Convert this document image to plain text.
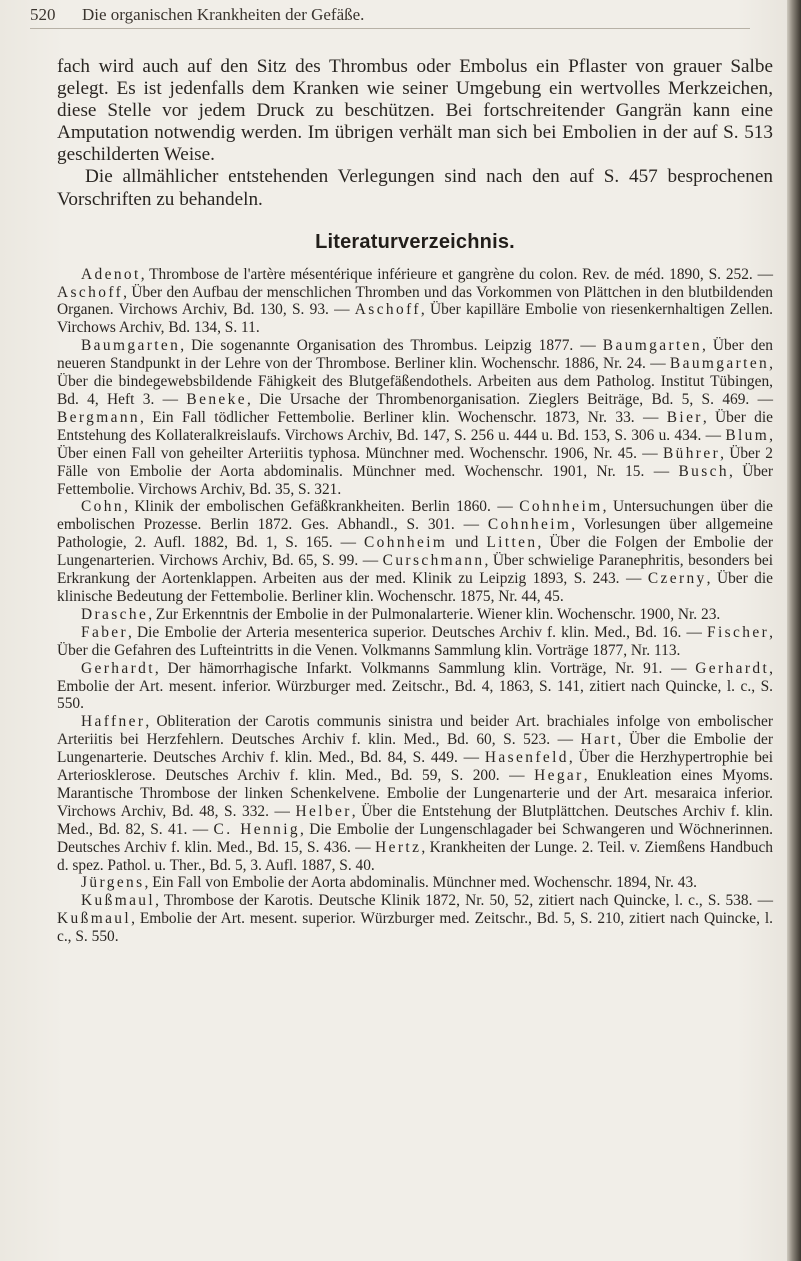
520	Die organischen Krankheiten der Gefäße.

fach wird auch auf den Sitz des Thrombus oder Embolus ein Pflaster von grauer Salbe gelegt. Es ist jedenfalls dem Kranken wie seiner Umgebung ein wertvolles Merkzeichen, diese Stelle vor jedem Druck zu beschützen. Bei fortschreitender Gangrän kann eine Amputation notwendig werden. Im übrigen verhält man sich bei Embolien in der auf S. 513 geschilderten Weise.

Die allmählicher entstehenden Verlegungen sind nach den auf S. 457 besprochenen Vorschriften zu behandeln.

Literaturverzeichnis.

Adenot, Thrombose de l'artère mésentérique inférieure et gangrène du colon. Rev. de méd. 1890, S. 252. — Aschoff, Über den Aufbau der menschlichen Thromben und das Vorkommen von Plättchen in den blutbildenden Organen. Virchows Archiv, Bd. 130, S. 93. — Aschoff, Über kapilläre Embolie von riesenkernhaltigen Zellen. Virchows Archiv, Bd. 134, S. 11.

Baumgarten, Die sogenannte Organisation des Thrombus. Leipzig 1877. — Baumgarten, Über den neueren Standpunkt in der Lehre von der Thrombose. Berliner klin. Wochenschr. 1886, Nr. 24. — Baumgarten, Über die bindegewebsbildende Fähigkeit des Blutgefäßendothels. Arbeiten aus dem Patholog. Institut Tübingen, Bd. 4, Heft 3. — Beneke, Die Ursache der Thrombenorganisation. Zieglers Beiträge, Bd. 5, S. 469. — Bergmann, Ein Fall tödlicher Fettembolie. Berliner klin. Wochenschr. 1873, Nr. 33. — Bier, Über die Entstehung des Kollateralkreislaufs. Virchows Archiv, Bd. 147, S. 256 u. 444 u. Bd. 153, S. 306 u. 434. — Blum, Über einen Fall von geheilter Arteriitis typhosa. Münchner med. Wochenschr. 1906, Nr. 45. — Bührer, Über 2 Fälle von Embolie der Aorta abdominalis. Münchner med. Wochenschr. 1901, Nr. 15. — Busch, Über Fettembolie. Virchows Archiv, Bd. 35, S. 321.

Cohn, Klinik der embolischen Gefäßkrankheiten. Berlin 1860. — Cohnheim, Untersuchungen über die embolischen Prozesse. Berlin 1872. Ges. Abhandl., S. 301. — Cohnheim, Vorlesungen über allgemeine Pathologie, 2. Aufl. 1882, Bd. 1, S. 165. — Cohnheim und Litten, Über die Folgen der Embolie der Lungenarterien. Virchows Archiv, Bd. 65, S. 99. — Curschmann, Über schwielige Paranephritis, besonders bei Erkrankung der Aortenklappen. Arbeiten aus der med. Klinik zu Leipzig 1893, S. 243. — Czerny, Über die klinische Bedeutung der Fettembolie. Berliner klin. Wochenschr. 1875, Nr. 44, 45.

Drasche, Zur Erkenntnis der Embolie in der Pulmonalarterie. Wiener klin. Wochenschr. 1900, Nr. 23.

Faber, Die Embolie der Arteria mesenterica superior. Deutsches Archiv f. klin. Med., Bd. 16. — Fischer, Über die Gefahren des Lufteintritts in die Venen. Volkmanns Sammlung klin. Vorträge 1877, Nr. 113.

Gerhardt, Der hämorrhagische Infarkt. Volkmanns Sammlung klin. Vorträge, Nr. 91. — Gerhardt, Embolie der Art. mesent. inferior. Würzburger med. Zeitschr., Bd. 4, 1863, S. 141, zitiert nach Quincke, l. c., S. 550.

Haffner, Obliteration der Carotis communis sinistra und beider Art. brachiales infolge von embolischer Arteriitis bei Herzfehlern. Deutsches Archiv f. klin. Med., Bd. 60, S. 523. — Hart, Über die Embolie der Lungenarterie. Deutsches Archiv f. klin. Med., Bd. 84, S. 449. — Hasenfeld, Über die Herzhypertrophie bei Arteriosklerose. Deutsches Archiv f. klin. Med., Bd. 59, S. 200. — Hegar, Enukleation eines Myoms. Marantische Thrombose der linken Schenkelvene. Embolie der Lungenarterie und der Art. mesaraica inferior. Virchows Archiv, Bd. 48, S. 332. — Helber, Über die Entstehung der Blutplättchen. Deutsches Archiv f. klin. Med., Bd. 82, S. 41. — C. Hennig, Die Embolie der Lungenschlagader bei Schwangeren und Wöchnerinnen. Deutsches Archiv f. klin. Med., Bd. 15, S. 436. — Hertz, Krankheiten der Lunge. 2. Teil. v. Ziemßens Handbuch d. spez. Pathol. u. Ther., Bd. 5, 3. Aufl. 1887, S. 40.

Jürgens, Ein Fall von Embolie der Aorta abdominalis. Münchner med. Wochenschr. 1894, Nr. 43.

Kußmaul, Thrombose der Karotis. Deutsche Klinik 1872, Nr. 50, 52, zitiert nach Quincke, l. c., S. 538. — Kußmaul, Embolie der Art. mesent. superior. Würzburger med. Zeitschr., Bd. 5, S. 210, zitiert nach Quincke, l. c., S. 550.
